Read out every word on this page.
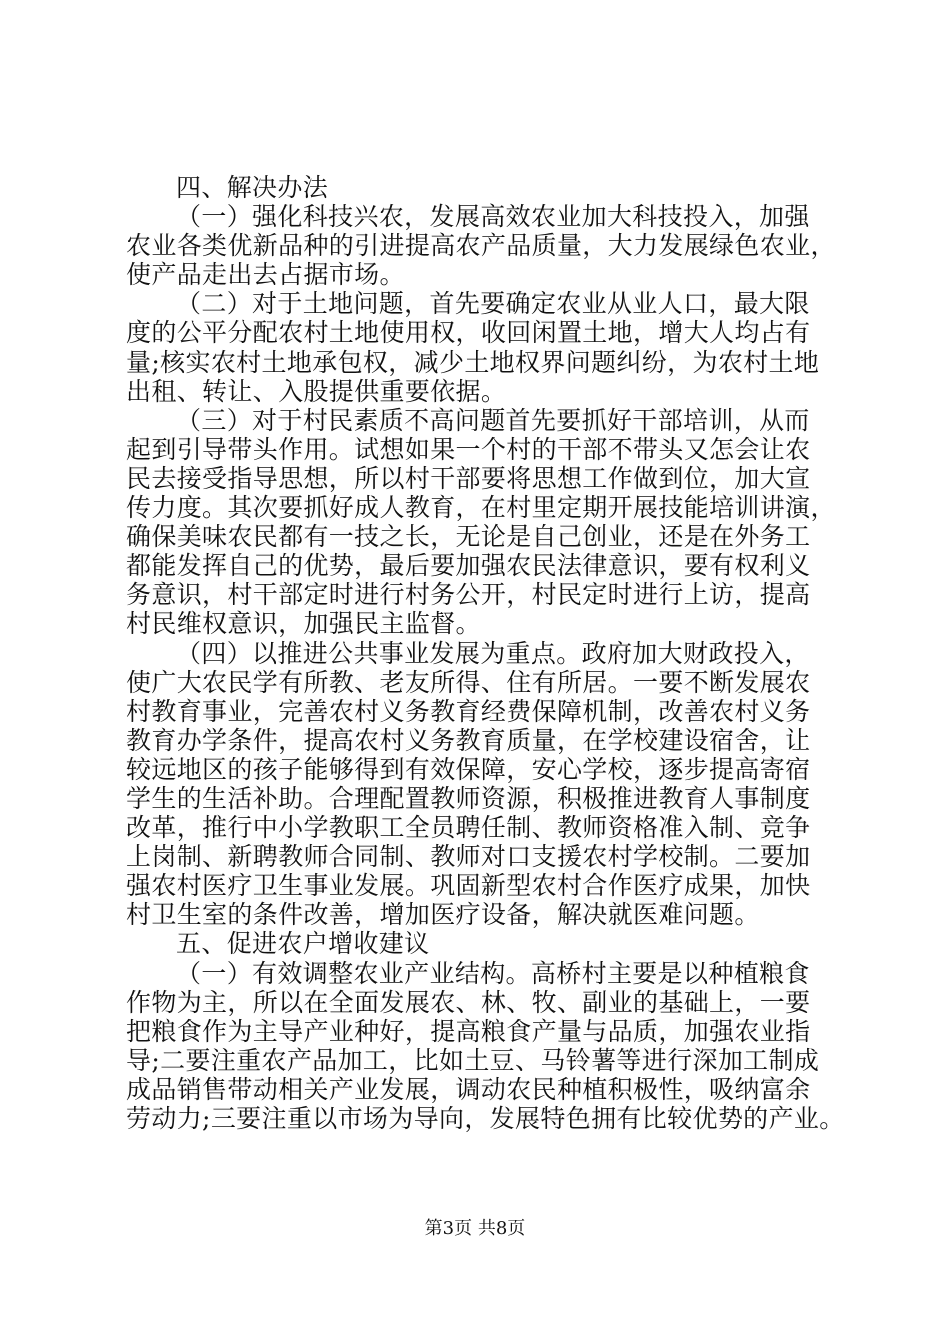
四、解决办法
（一）强化科技兴农，发展高效农业加大科技投入，加强
农业各类优新品种的引进提高农产品质量，大力发展绿色农业，
使产品走出去占据市场。
（二）对于土地问题，首先要确定农业从业人口，最大限
度的公平分配农村土地使用权，收回闲置土地，增大人均占有
量;核实农村土地承包权，减少土地权界问题纠纷，为农村土地
出租、转让、入股提供重要依据。
（三）对于村民素质不高问题首先要抓好干部培训，从而
起到引导带头作用。试想如果一个村的干部不带头又怎会让农
民去接受指导思想，所以村干部要将思想工作做到位，加大宣
传力度。其次要抓好成人教育，在村里定期开展技能培训讲演，
确保美味农民都有一技之长，无论是自己创业，还是在外务工
都能发挥自己的优势，最后要加强农民法律意识，要有权利义
务意识，村干部定时进行村务公开，村民定时进行上访，提高
村民维权意识，加强民主监督。
（四）以推进公共事业发展为重点。政府加大财政投入，
使广大农民学有所教、老友所得、住有所居。一要不断发展农
村教育事业，完善农村义务教育经费保障机制，改善农村义务
教育办学条件，提高农村义务教育质量，在学校建设宿舍，让
较远地区的孩子能够得到有效保障，安心学校，逐步提高寄宿
学生的生活补助。合理配置教师资源，积极推进教育人事制度
改革，推行中小学教职工全员聘任制、教师资格准入制、竞争
上岗制、新聘教师合同制、教师对口支援农村学校制。二要加
强农村医疗卫生事业发展。巩固新型农村合作医疗成果，加快
村卫生室的条件改善，增加医疗设备，解决就医难问题。
五、促进农户增收建议
（一）有效调整农业产业结构。高桥村主要是以种植粮食
作物为主，所以在全面发展农、林、牧、副业的基础上，一要
把粮食作为主导产业种好，提高粮食产量与品质，加强农业指
导;二要注重农产品加工，比如土豆、马铃薯等进行深加工制成
成品销售带动相关产业发展，调动农民种植积极性，吸纳富余
劳动力;三要注重以市场为导向，发展特色拥有比较优势的产业。
第3页 共8页
